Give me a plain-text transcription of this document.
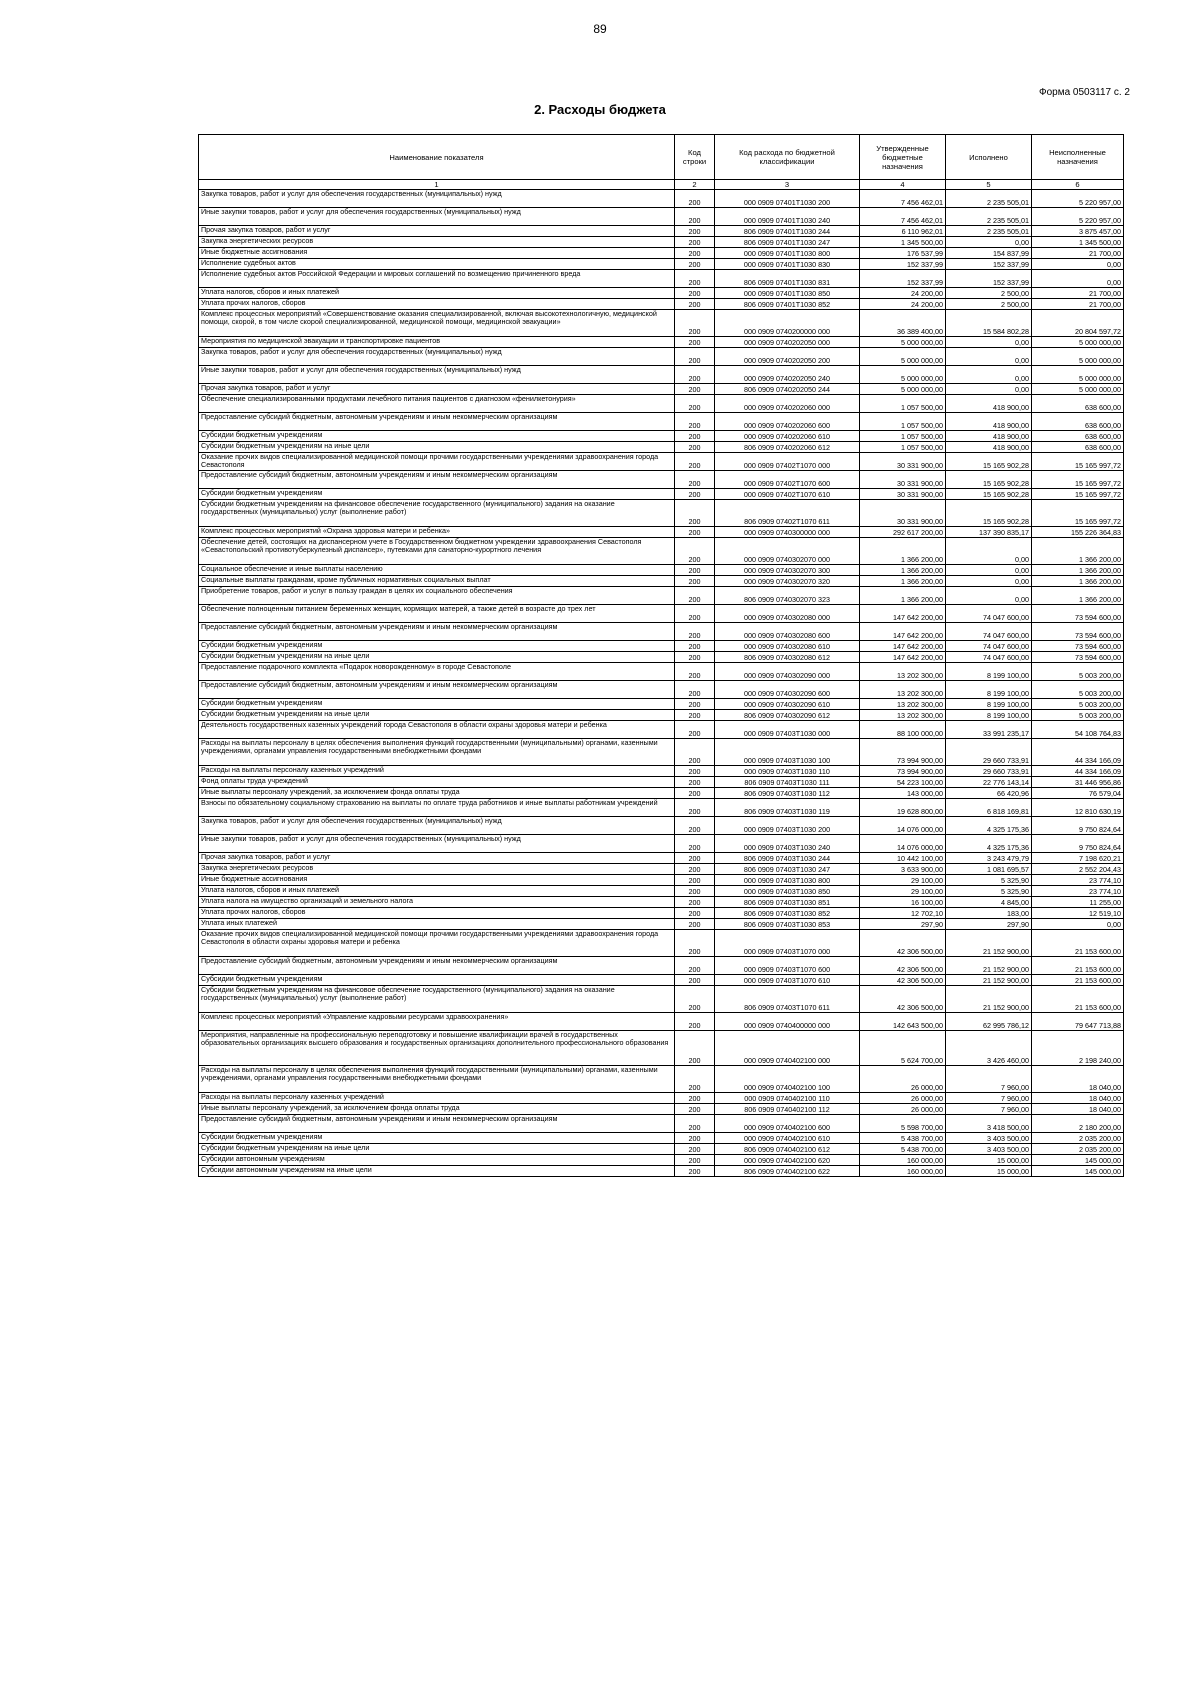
89
Форма 0503117 с. 2
2. Расходы бюджета
Наименование показателя	Код строки	Код расхода по бюджетной классификации	Утвержденные бюджетные назначения	Исполнено	Неисполненные назначения
1	2	3	4	5	6
Закупка товаров, работ и услуг для обеспечения государственных (муниципальных) нужд	200	000 0909 07401Т1030 200	7 456 462,01	2 235 505,01	5 220 957,00
Иные закупки товаров, работ и услуг для обеспечения государственных (муниципальных) нужд	200	000 0909 07401Т1030 240	7 456 462,01	2 235 505,01	5 220 957,00
Прочая закупка товаров, работ и услуг	200	806 0909 07401Т1030 244	6 110 962,01	2 235 505,01	3 875 457,00
Закупка энергетических ресурсов	200	806 0909 07401Т1030 247	1 345 500,00	0,00	1 345 500,00
Иные бюджетные ассигнования	200	000 0909 07401Т1030 800	176 537,99	154 837,99	21 700,00
Исполнение судебных актов	200	000 0909 07401Т1030 830	152 337,99	152 337,99	0,00
Исполнение судебных актов Российской Федерации и мировых соглашений по возмещению причиненного вреда	200	806 0909 07401Т1030 831	152 337,99	152 337,99	0,00
Уплата налогов, сборов и иных платежей	200	000 0909 07401Т1030 850	24 200,00	2 500,00	21 700,00
Уплата прочих налогов, сборов	200	806 0909 07401Т1030 852	24 200,00	2 500,00	21 700,00
Комплекс процессных мероприятий «Совершенствование оказания специализированной, включая высокотехнологичную, медицинской помощи, скорой, в том числе скорой специализированной, медицинской помощи, медицинской эвакуации»	200	000 0909 0740200000 000	36 389 400,00	15 584 802,28	20 804 597,72
Мероприятия по медицинской эвакуации и транспортировке пациентов	200	000 0909 0740202050 000	5 000 000,00	0,00	5 000 000,00
Закупка товаров, работ и услуг для обеспечения государственных (муниципальных) нужд	200	000 0909 0740202050 200	5 000 000,00	0,00	5 000 000,00
Иные закупки товаров, работ и услуг для обеспечения государственных (муниципальных) нужд	200	000 0909 0740202050 240	5 000 000,00	0,00	5 000 000,00
Прочая закупка товаров, работ и услуг	200	806 0909 0740202050 244	5 000 000,00	0,00	5 000 000,00
Обеспечение специализированными продуктами лечебного питания пациентов с диагнозом «фенилкетонурия»	200	000 0909 0740202060 000	1 057 500,00	418 900,00	638 600,00
Предоставление субсидий бюджетным, автономным учреждениям и иным некоммерческим организациям	200	000 0909 0740202060 600	1 057 500,00	418 900,00	638 600,00
Субсидии бюджетным учреждениям	200	000 0909 0740202060 610	1 057 500,00	418 900,00	638 600,00
Субсидии бюджетным учреждениям на иные цели	200	806 0909 0740202060 612	1 057 500,00	418 900,00	638 600,00
Оказание прочих видов специализированной медицинской помощи прочими государственными учреждениями здравоохранения города Севастополя	200	000 0909 07402Т1070 000	30 331 900,00	15 165 902,28	15 165 997,72
Предоставление субсидий бюджетным, автономным учреждениям и иным некоммерческим организациям	200	000 0909 07402Т1070 600	30 331 900,00	15 165 902,28	15 165 997,72
Субсидии бюджетным учреждениям	200	000 0909 07402Т1070 610	30 331 900,00	15 165 902,28	15 165 997,72
Субсидии бюджетным учреждениям на финансовое обеспечение государственного (муниципального) задания на оказание государственных (муниципальных) услуг (выполнение работ)	200	806 0909 07402Т1070 611	30 331 900,00	15 165 902,28	15 165 997,72
Комплекс процессных мероприятий «Охрана здоровья матери и ребенка»	200	000 0909 0740300000 000	292 617 200,00	137 390 835,17	155 226 364,83
Обеспечение детей, состоящих на диспансерном учете в Государственном бюджетном учреждении здравоохранения Севастополя «Севастопольский противотуберкулезный диспансер», путевками для санаторно-курортного лечения	200	000 0909 0740302070 000	1 366 200,00	0,00	1 366 200,00
Социальное обеспечение и иные выплаты населению	200	000 0909 0740302070 300	1 366 200,00	0,00	1 366 200,00
Социальные выплаты гражданам, кроме публичных нормативных социальных выплат	200	000 0909 0740302070 320	1 366 200,00	0,00	1 366 200,00
Приобретение товаров, работ и услуг в пользу граждан в целях их социального обеспечения	200	806 0909 0740302070 323	1 366 200,00	0,00	1 366 200,00
Обеспечение полноценным питанием беременных женщин, кормящих матерей, а также детей в возрасте до трех лет	200	000 0909 0740302080 000	147 642 200,00	74 047 600,00	73 594 600,00
Предоставление субсидий бюджетным, автономным учреждениям и иным некоммерческим организациям	200	000 0909 0740302080 600	147 642 200,00	74 047 600,00	73 594 600,00
Субсидии бюджетным учреждениям	200	000 0909 0740302080 610	147 642 200,00	74 047 600,00	73 594 600,00
Субсидии бюджетным учреждениям на иные цели	200	806 0909 0740302080 612	147 642 200,00	74 047 600,00	73 594 600,00
Предоставление подарочного комплекта «Подарок новорожденному» в городе Севастополе	200	000 0909 0740302090 000	13 202 300,00	8 199 100,00	5 003 200,00
Предоставление субсидий бюджетным, автономным учреждениям и иным некоммерческим организациям	200	000 0909 0740302090 600	13 202 300,00	8 199 100,00	5 003 200,00
Субсидии бюджетным учреждениям	200	000 0909 0740302090 610	13 202 300,00	8 199 100,00	5 003 200,00
Субсидии бюджетным учреждениям на иные цели	200	806 0909 0740302090 612	13 202 300,00	8 199 100,00	5 003 200,00
Деятельность государственных казенных учреждений города Севастополя в области охраны здоровья матери и ребенка	200	000 0909 07403Т1030 000	88 100 000,00	33 991 235,17	54 108 764,83
Расходы на выплаты персоналу в целях обеспечения выполнения функций государственными (муниципальными) органами, казенными учреждениями, органами управления государственными внебюджетными фондами	200	000 0909 07403Т1030 100	73 994 900,00	29 660 733,91	44 334 166,09
Расходы на выплаты персоналу казенных учреждений	200	000 0909 07403Т1030 110	73 994 900,00	29 660 733,91	44 334 166,09
Фонд оплаты труда учреждений	200	806 0909 07403Т1030 111	54 223 100,00	22 776 143,14	31 446 956,86
Иные выплаты персоналу учреждений, за исключением фонда оплаты труда	200	806 0909 07403Т1030 112	143 000,00	66 420,96	76 579,04
Взносы по обязательному социальному страхованию на выплаты по оплате труда работников и иные выплаты работникам учреждений	200	806 0909 07403Т1030 119	19 628 800,00	6 818 169,81	12 810 630,19
Закупка товаров, работ и услуг для обеспечения государственных (муниципальных) нужд	200	000 0909 07403Т1030 200	14 076 000,00	4 325 175,36	9 750 824,64
Иные закупки товаров, работ и услуг для обеспечения государственных (муниципальных) нужд	200	000 0909 07403Т1030 240	14 076 000,00	4 325 175,36	9 750 824,64
Прочая закупка товаров, работ и услуг	200	806 0909 07403Т1030 244	10 442 100,00	3 243 479,79	7 198 620,21
Закупка энергетических ресурсов	200	806 0909 07403Т1030 247	3 633 900,00	1 081 695,57	2 552 204,43
Иные бюджетные ассигнования	200	000 0909 07403Т1030 800	29 100,00	5 325,90	23 774,10
Уплата налогов, сборов и иных платежей	200	000 0909 07403Т1030 850	29 100,00	5 325,90	23 774,10
Уплата налога на имущество организаций и земельного налога	200	806 0909 07403Т1030 851	16 100,00	4 845,00	11 255,00
Уплата прочих налогов, сборов	200	806 0909 07403Т1030 852	12 702,10	183,00	12 519,10
Уплата иных платежей	200	806 0909 07403Т1030 853	297,90	297,90	0,00
Оказание прочих видов специализированной медицинской помощи прочими государственными учреждениями здравоохранения города Севастополя в области охраны здоровья матери и ребенка	200	000 0909 07403Т1070 000	42 306 500,00	21 152 900,00	21 153 600,00
Предоставление субсидий бюджетным, автономным учреждениям и иным некоммерческим организациям	200	000 0909 07403Т1070 600	42 306 500,00	21 152 900,00	21 153 600,00
Субсидии бюджетным учреждениям	200	000 0909 07403Т1070 610	42 306 500,00	21 152 900,00	21 153 600,00
Субсидии бюджетным учреждениям на финансовое обеспечение государственного (муниципального) задания на оказание государственных (муниципальных) услуг (выполнение работ)	200	806 0909 07403Т1070 611	42 306 500,00	21 152 900,00	21 153 600,00
Комплекс процессных мероприятий «Управление кадровыми ресурсами здравоохранения»	200	000 0909 0740400000 000	142 643 500,00	62 995 786,12	79 647 713,88
Мероприятия, направленные на профессиональную переподготовку и повышение квалификации врачей в государственных образовательных организациях высшего образования и государственных организациях дополнительного профессионального образования	200	000 0909 0740402100 000	5 624 700,00	3 426 460,00	2 198 240,00
Расходы на выплаты персоналу в целях обеспечения выполнения функций государственными (муниципальными) органами, казенными учреждениями, органами управления государственными внебюджетными фондами	200	000 0909 0740402100 100	26 000,00	7 960,00	18 040,00
Расходы на выплаты персоналу казенных учреждений	200	000 0909 0740402100 110	26 000,00	7 960,00	18 040,00
Иные выплаты персоналу учреждений, за исключением фонда оплаты труда	200	806 0909 0740402100 112	26 000,00	7 960,00	18 040,00
Предоставление субсидий бюджетным, автономным учреждениям и иным некоммерческим организациям	200	000 0909 0740402100 600	5 598 700,00	3 418 500,00	2 180 200,00
Субсидии бюджетным учреждениям	200	000 0909 0740402100 610	5 438 700,00	3 403 500,00	2 035 200,00
Субсидии бюджетным учреждениям на иные цели	200	806 0909 0740402100 612	5 438 700,00	3 403 500,00	2 035 200,00
Субсидии автономным учреждениям	200	000 0909 0740402100 620	160 000,00	15 000,00	145 000,00
Субсидии автономным учреждениям на иные цели	200	806 0909 0740402100 622	160 000,00	15 000,00	145 000,00
